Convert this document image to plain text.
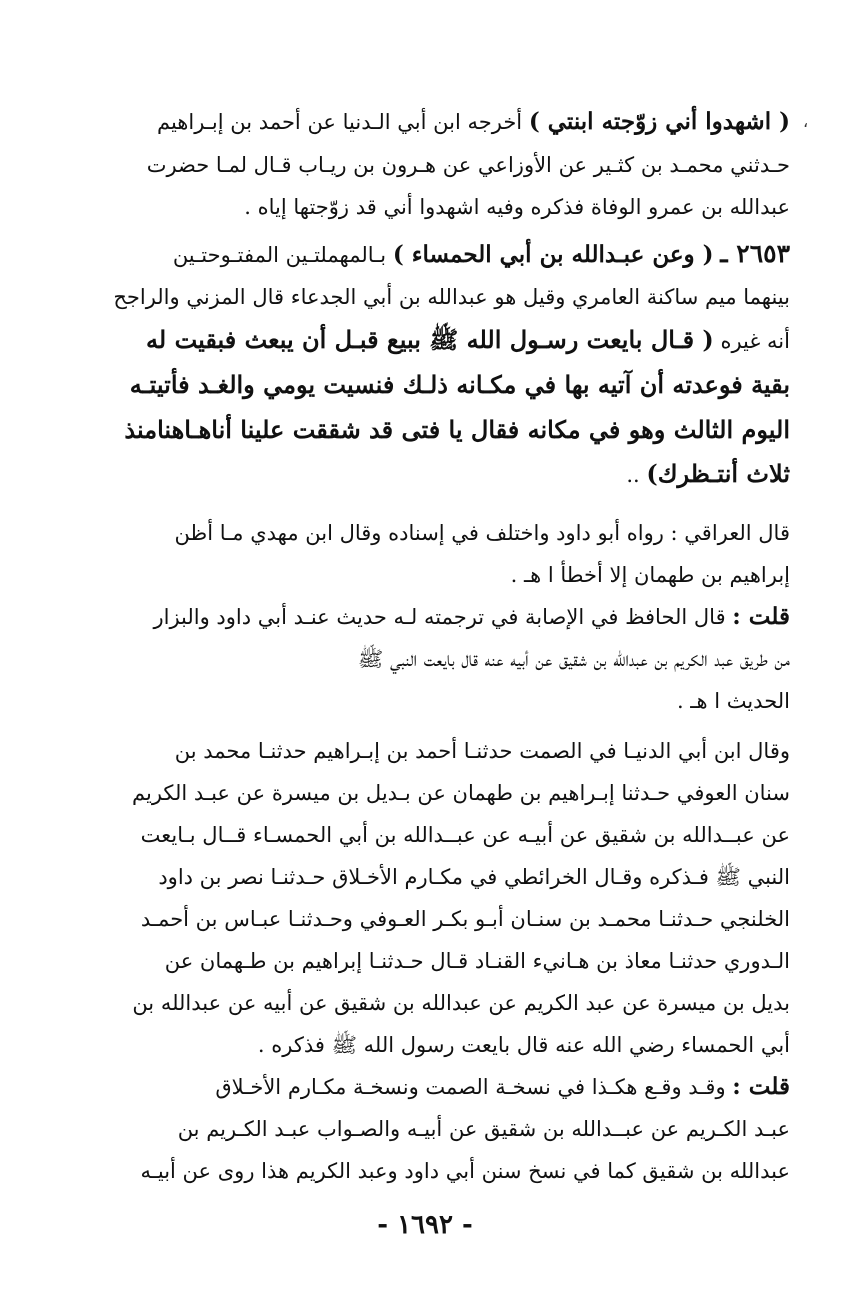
( اشهدوا أني زوّجته ابنتي ) أخرجه ابن أبي الـدنيا عن أحمد بن إبـراهيم
حـدثني محمـد بن كثـير عن الأوزاعي عن هـرون بن ريـاب قـال لمـا حضرت
عبدالله بن عمرو الوفاة فذكره وفيه اشهدوا أني قد زوّجتها إياه .
،
٢٦٥٣ ـ ( وعن عبـدالله بن أبي الحمساء ) بـالمهملتـين المفتـوحتـين
بينهما ميم ساكنة العامري وقيل هو عبدالله بن أبي الجدعاء قال المزني والراجح
أنه غيره ( قـال بايعت رسـول الله ﷺ ببيع قبـل أن يبعث فبقيت له
بقية فوعدته أن آتيه بها في مكـانه ذلـك فنسيت يومي والغـد فأتيتـه
اليوم الثالث وهو في مكانه فقال يا فتى قد شققت علينا أناهـاهنامنذ
ثلاث أنتـظرك) ..
قال العراقي : رواه أبو داود واختلف في إسناده وقال ابن مهدي مـا أظن
إبراهيم بن طهمان إلا أخطأ ا هـ .
قلت : قال الحافظ في الإصابة في ترجمته لـه حديث عنـد أبي داود والبزار
من طريق عبد الكريم بن عبدالله بن شقيق عن أبيه عنه قال بايعت النبي ﷺ
الحديث ا هـ .
وقال ابن أبي الدنيـا في الصمت حدثنـا أحمد بن إبـراهيم حدثنـا محمد بن
سنان العوفي حـدثنا إبـراهيم بن طهمان عن بـديل بن ميسرة عن عبـد الكريم
عن عبــدالله بن شقيق عن أبيـه عن عبــدالله بن أبي الحمسـاء قــال بـايعت
النبي ﷺ فـذكره وقـال الخرائطي في مكـارم الأخـلاق حـدثنـا نصر بن داود
الخلنجي حـدثنـا محمـد بن سنـان أبـو بكـر العـوفي وحـدثنـا عبـاس بن أحمـد
الـدوري حدثنـا معاذ بن هـانيء القنـاد قـال حـدثنـا إبراهيم بن طـهمان عن
بديل بن ميسرة عن عبد الكريم عن عبدالله بن شقيق عن أبيه عن عبدالله بن
أبي الحمساء رضي الله عنه قال بايعت رسول الله ﷺ فذكره .
قلت : وقـد وقـع هكـذا في نسخـة الصمت ونسخـة مكـارم الأخـلاق
عبـد الكـريم عن عبــدالله بن شقيق عن أبيـه والصـواب عبـد الكـريم بن
عبدالله بن شقيق كما في نسخ سنن أبي داود وعبد الكريم هذا روى عن أبيـه
- ١٦٩٢ -
